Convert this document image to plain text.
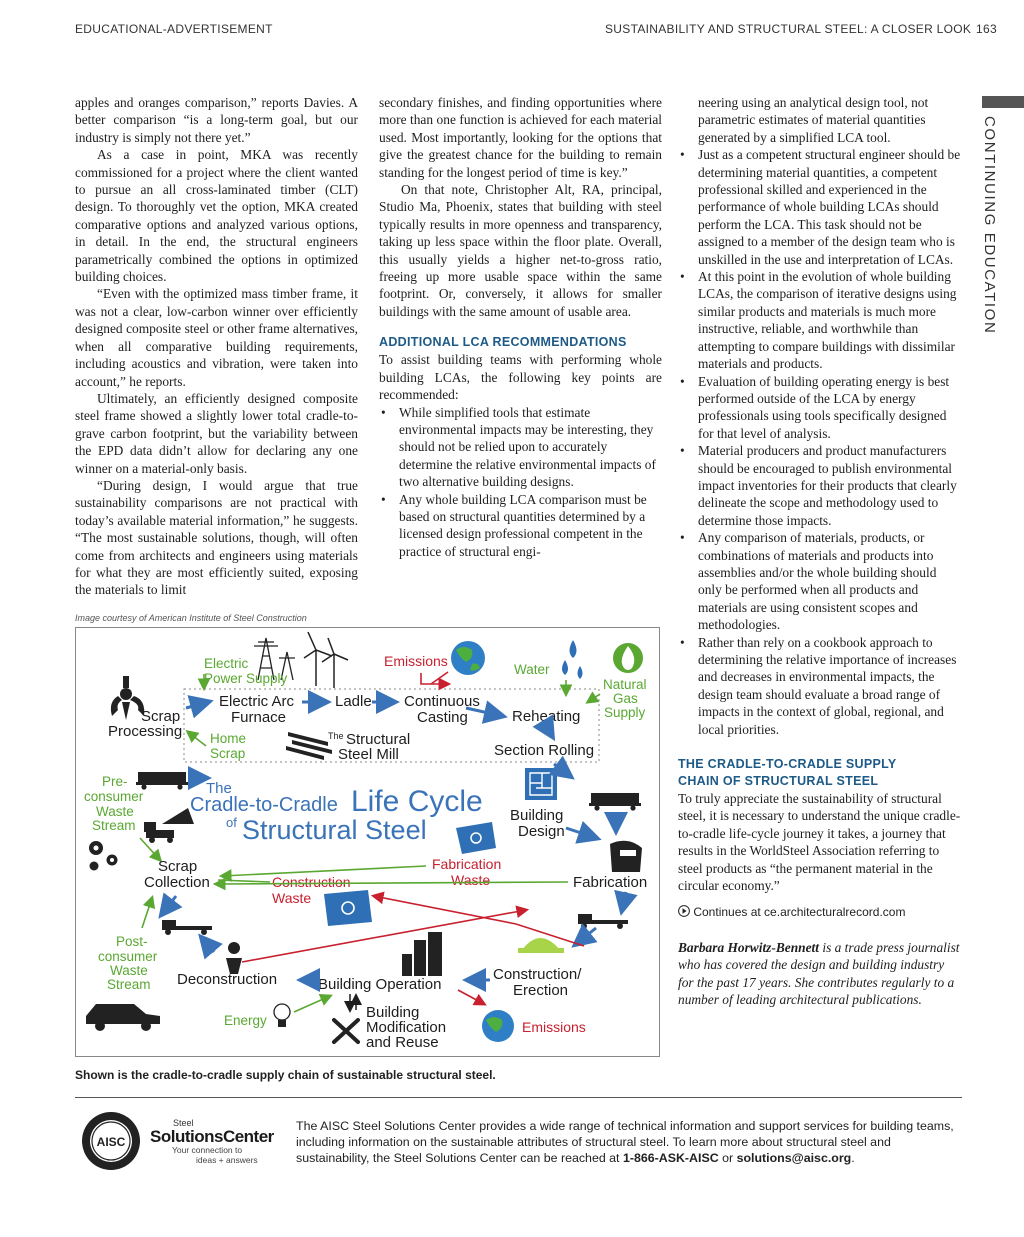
EDUCATIONAL-ADVERTISEMENT	SUSTAINABILITY AND STRUCTURAL STEEL: A CLOSER LOOK 163
CONTINUING EDUCATION

apples and oranges comparison,” reports Davies. A better comparison “is a long-term goal, but our industry is simply not there yet.”

As a case in point, MKA was recently commissioned for a project where the client wanted to pursue an all cross-laminated timber (CLT) design. To thoroughly vet the option, MKA created comparative options and analyzed various options, in detail. In the end, the structural engineers parametrically combined the options in optimized building choices.

“Even with the optimized mass timber frame, it was not a clear, low-carbon winner over efficiently designed composite steel or other frame alternatives, when all comparative building requirements, including acoustics and vibration, were taken into account,” he reports.

Ultimately, an efficiently designed composite steel frame showed a slightly lower total cradle-to-grave carbon footprint, but the variability between the EPD data didn’t allow for declaring any one winner on a material-only basis.

“During design, I would argue that true sustainability comparisons are not practical with today’s available material information,” he suggests. “The most sustainable solutions, though, will often come from architects and engineers using materials for what they are most efficiently suited, exposing the materials to limit

secondary finishes, and finding opportunities where more than one function is achieved for each material used. Most importantly, looking for the options that give the greatest chance for the building to remain standing for the longest period of time is key.”

On that note, Christopher Alt, RA, principal, Studio Ma, Phoenix, states that building with steel typically results in more openness and transparency, taking up less space within the floor plate. Overall, this usually yields a higher net-to-gross ratio, freeing up more usable space within the same footprint. Or, conversely, it allows for smaller buildings with the same amount of usable area.

ADDITIONAL LCA RECOMMENDATIONS

To assist building teams with performing whole building LCAs, the following key points are recommended:

• While simplified tools that estimate environmental impacts may be interesting, they should not be relied upon to accurately determine the relative environmental impacts of two alternative building designs.
• Any whole building LCA comparison must be based on structural quantities determined by a licensed design professional competent in the practice of structural engi-

neering using an analytical design tool, not parametric estimates of material quantities generated by a simplified LCA tool.

• Just as a competent structural engineer should be determining material quantities, a competent professional skilled and experienced in the performance of whole building LCAs should perform the LCA. This task should not be assigned to a member of the design team who is unskilled in the use and interpretation of LCAs.
• At this point in the evolution of whole building LCAs, the comparison of iterative designs using similar products and materials is much more instructive, reliable, and worthwhile than attempting to compare buildings with dissimilar materials and products.
• Evaluation of building operating energy is best performed outside of the LCA by energy professionals using tools specifically designed for that level of analysis.
• Material producers and product manufacturers should be encouraged to publish environmental impact inventories for their products that clearly delineate the scope and methodology used to determine those impacts.
• Any comparison of materials, products, or combinations of materials and products into assemblies and/or the whole building should only be performed when all products and materials are using consistent scopes and methodologies.
• Rather than rely on a cookbook approach to determining the relative importance of increases and decreases in environmental impacts, the design team should evaluate a broad range of impacts in the context of global, regional, and local priorities.

THE CRADLE-TO-CRADLE SUPPLY

CHAIN OF STRUCTURAL STEEL

To truly appreciate the sustainability of structural steel, it is necessary to understand the unique cradle-to-cradle life-cycle journey it takes, a journey that results in the WorldSteel Association referring to steel products as “the permanent material in the circular economy.”

Continues at ce.architecturalrecord.com

Barbara Horwitz-Bennett is a trade press journalist who has covered the design and building industry for the past 17 years. She contributes regularly to a number of leading architectural publications.

Image courtesy of American Institute of Steel Construction
Electric
Power Supply
Emissions
Water
Natural
Gas
Supply
Electric Arc
Furnace
Ladle Continuous
Casting	Reheating
Scrap
Processing Home
Scrap
The Structural
Steel Mill	Section Rolling
The
Cradle-to-Cradle Life Cycle
of Structural Steel
Pre-
consumer
Waste
Stream
Building
Design
Fabrication
Waste
Scrap
Collection	Construction
Waste
Fabrication
Post-
consumer
Waste
Stream Deconstruction	Building Operation
Construction/
Erection
Energy	Building
Modification
and Reuse
Emissions
Shown is the cradle-to-cradle supply chain of sustainable structural steel.
AISC
Steel
SolutionsCenter
Your connection to
ideas + answers
The AISC Steel Solutions Center provides a wide range of technical information and support services for building teams, including information on the sustainable attributes of structural steel. To learn more about structural steel and sustainability, the Steel Solutions Center can be reached at 1-866-ASK-AISC or solutions@aisc.org.
